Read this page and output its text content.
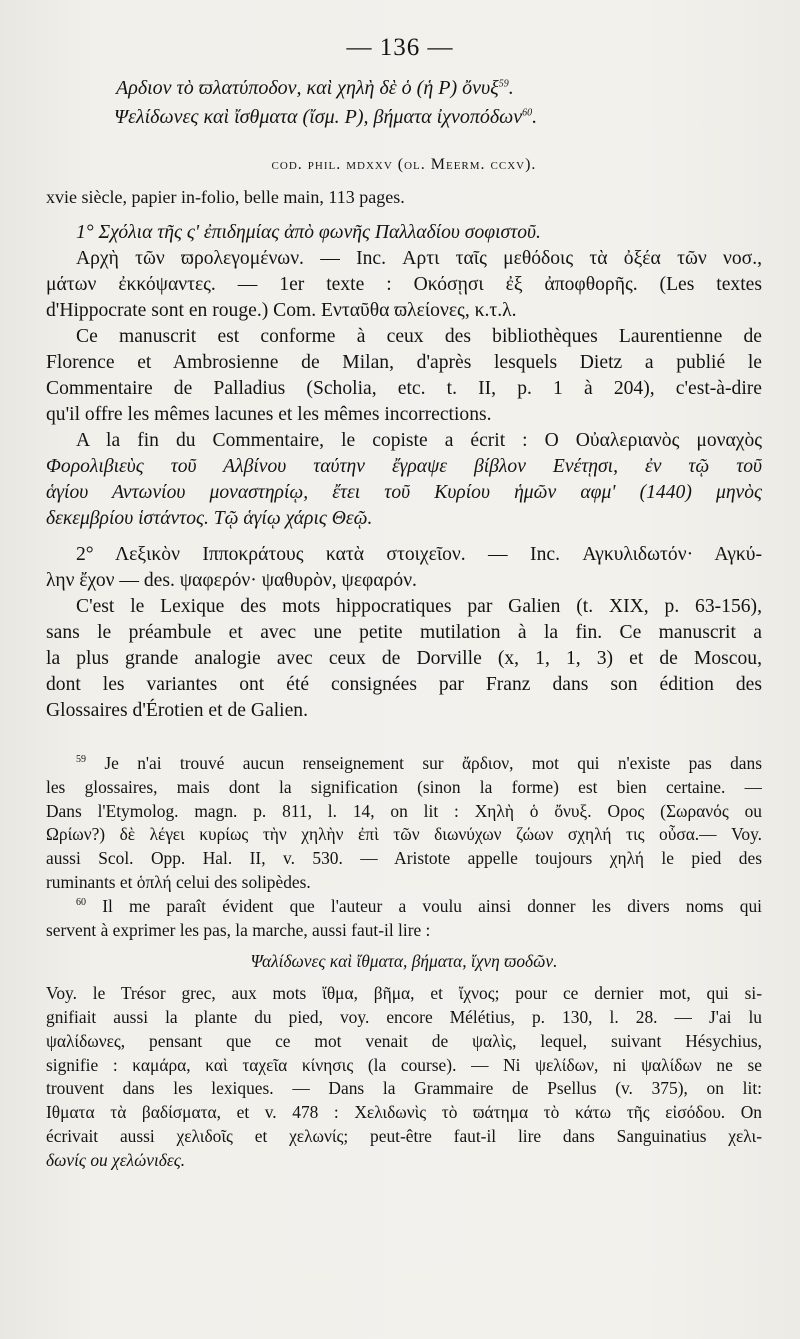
— 136 —

Αρδιον τὸ ϖλατύποδον, καὶ χηλὴ δὲ ὁ (ἡ Ρ) ὄνυξ$^{59}$.

Ψελίδωνες καὶ ἴσθματα (ἴσμ. Ρ), βήματα ἰχνοπόδων$^{60}$.

cod. phil. mdxxv (ol. Meerm. ccxv).

xvie siècle, papier in-folio, belle main, 113 pages.

1° Σχόλια τῆς ς' ἐπιδημίας ἀπὸ φωνῆς Παλλαδίου σοφιστοῦ.

Αρχὴ τῶν ϖρολεγομένων. — Inc. Αρτι ταῖς μεθόδοις τὰ ὀξέα τῶν νοσ.,

μάτων ἐκκόψαντες. — 1er texte : Οκόσῃσι ἐξ ἀποφθορῆς. (Les textes

d'Hippocrate sont en rouge.) Com. Ενταῦθα ϖλείονες, κ.τ.λ.

Ce manuscrit est conforme à ceux des bibliothèques Laurentienne de

Florence et Ambrosienne de Milan, d'après lesquels Dietz a publié le

Commentaire de Palladius (Scholia, etc. t. II, p. 1 à 204), c'est-à-dire

qu'il offre les mêmes lacunes et les mêmes incorrections.

A la fin du Commentaire, le copiste a écrit : Ο Οὐαλεριανὸς μοναχὸς

Φορολιβιεὺς τοῦ Αλβίνου ταύτην ἔγραψε βίβλον Ενέτῃσι, ἐν τῷ τοῦ

ἁγίου Αντωνίου μοναστηρίῳ, ἔτει τοῦ Κυρίου ἡμῶν αφμ' (1440) μηνὸς

δεκεμβρίου ἱστάντος. Τῷ ἁγίῳ χάρις Θεῷ.

2° Λεξικὸν Ιπποκράτους κατὰ στοιχεῖον. — Inc. Αγκυλιδωτόν· Αγκύ-

λην ἔχον — des. ψαφερόν· ψαθυρὸν, ψεφαρόν.

C'est le Lexique des mots hippocratiques par Galien (t. XIX, p. 63-156),

sans le préambule et avec une petite mutilation à la fin. Ce manuscrit a

la plus grande analogie avec ceux de Dorville (x, 1, 1, 3) et de Moscou,

dont les variantes ont été consignées par Franz dans son édition des

Glossaires d'Érotien et de Galien.

$^{59}$ Je n'ai trouvé aucun renseignement sur ἄρδιον, mot qui n'existe pas dans

les glossaires, mais dont la signification (sinon la forme) est bien certaine. —

Dans l'Etymolog. magn. p. 811, l. 14, on lit : Χηλὴ ὁ ὄνυξ. Ορος (Σωρανός ou

Ωρίων?) δὲ λέγει κυρίως τὴν χηλὴν ἐπὶ τῶν διωνύχων ζώων σχηλή τις οὖσα.— Voy.

aussi Scol. Opp. Hal. II, v. 530. — Aristote appelle toujours χηλή le pied des

ruminants et ὁπλή celui des solipèdes.

$^{60}$ Il me paraît évident que l'auteur a voulu ainsi donner les divers noms qui

servent à exprimer les pas, la marche, aussi faut-il lire :

Ψαλίδωνες καὶ ἴθματα, βήματα, ἴχνη ϖοδῶν.

Voy. le Trésor grec, aux mots ἴθμα, βῆμα, et ἴχνος; pour ce dernier mot, qui si-

gnifiait aussi la plante du pied, voy. encore Mélétius, p. 130, l. 28. — J'ai lu

ψαλίδωνες, pensant que ce mot venait de ψαλὶς, lequel, suivant Hésychius,

signifie : καμάρα, καὶ ταχεῖα κίνησις (la course). — Ni ψελίδων, ni ψαλίδων ne se

trouvent dans les lexiques. — Dans la Grammaire de Psellus (v. 375), on lit:

Ιθματα τὰ βαδίσματα, et v. 478 : Χελιδωνὶς τὸ ϖάτημα τὸ κάτω τῆς εἰσόδου. On

écrivait aussi χελιδοῖς et χελωνίς; peut-être faut-il lire dans Sanguinatius χελι-

δωνίς ou χελώνιδες.
